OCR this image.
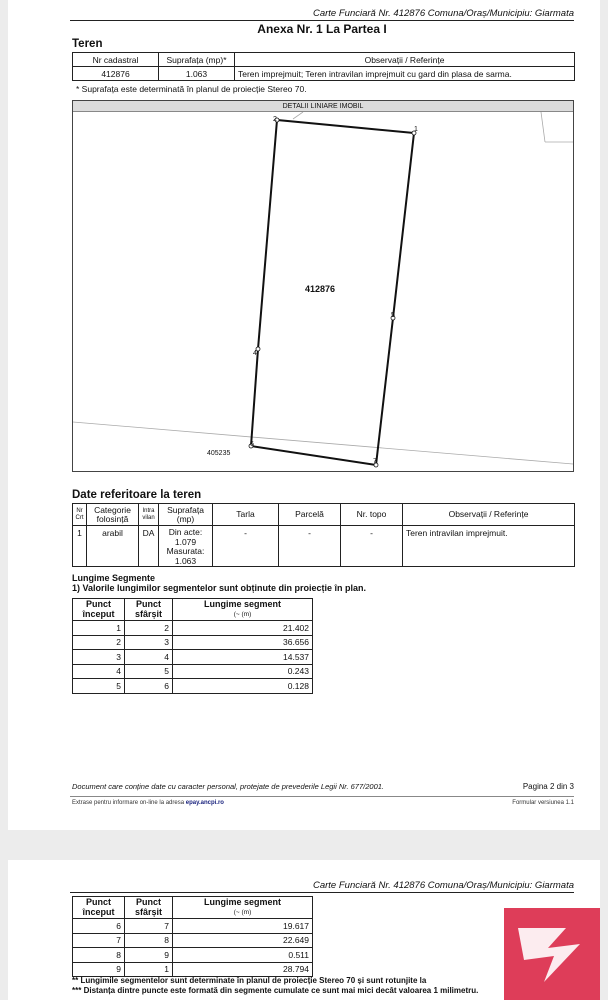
Carte Funciară Nr. 412876 Comuna/Oraș/Municipiu: Giarmata
Anexa Nr. 1 La Partea I
Teren
Nr cadastral	Suprafața (mp)*	Observații / Referințe
412876	1.063	Teren imprejmuit; Teren intravilan imprejmuit cu gard din plasa de sarma.
* Suprafața este determinată în planul de proiecție Stereo 70.
DETALII LINIARE IMOBIL
1
2
4
6
7
5
412876
405235
Date referitoare la teren
Nr Crt	Categorie folosință	Intra vilan	Suprafața (mp)	Tarla	Parcelă	Nr. topo	Observații / Referințe
1	arabil	DA	Din acte:
1.079
Masurata:
1.063	-	-	-	Teren intravilan imprejmuit.
Lungime Segmente
1) Valorile lungimilor segmentelor sunt obținute din proiecție în plan.
Punct început	Punct sfârșit	Lungime segment
(~ (m)

1	2	21.402
2	3	36.656
3	4	14.537
4	5	0.243
5	6	0.128
Document care conține date cu caracter personal, protejate de prevederile Legii Nr. 677/2001.	Pagina 2 din 3
Extrase pentru informare on-line la adresa epay.ancpi.ro	Formular versiunea 1.1
Carte Funciară Nr. 412876 Comuna/Oraș/Municipiu: Giarmata
Punct început	Punct sfârșit	Lungime segment
(~ (m)

6	7	19.617
7	8	22.649
8	9	0.511
9	1	28.794
** Lungimile segmentelor sunt determinate în planul de proiecție Stereo 70 și sunt rotunjite la
*** Distanța dintre puncte este formată din segmente cumulate ce sunt mai mici decât valoarea 1 milimetru.
